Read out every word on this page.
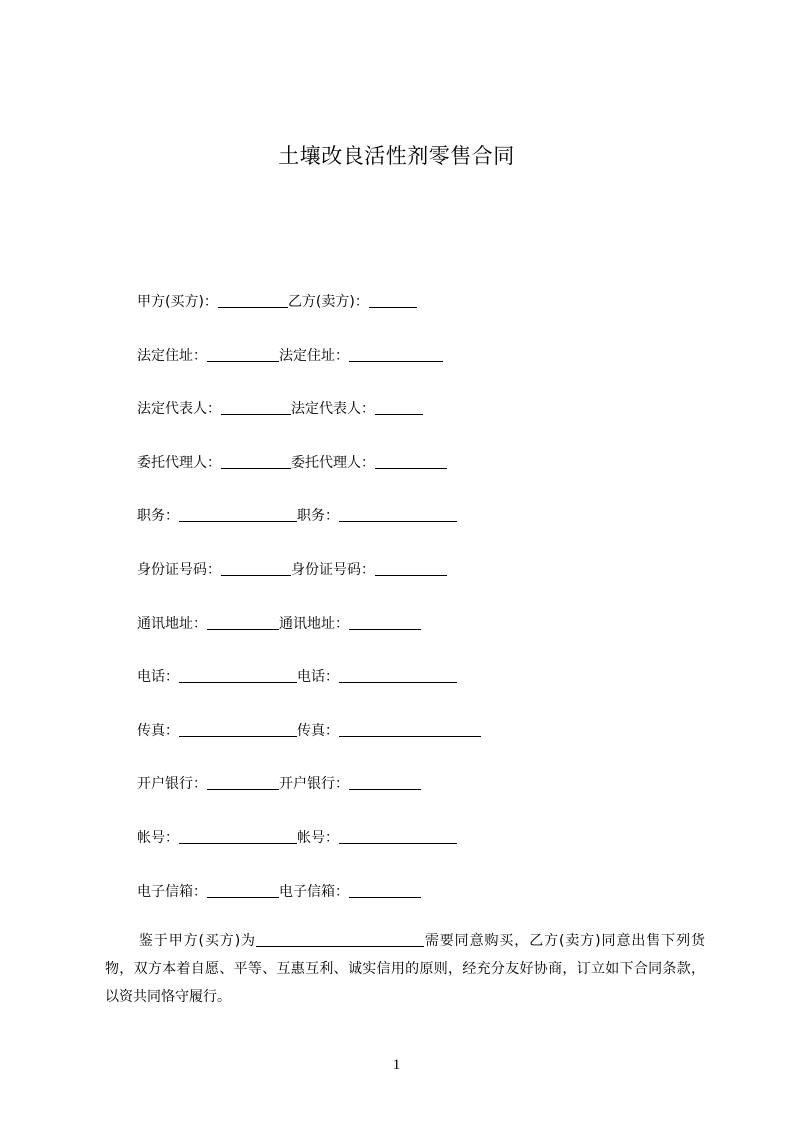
土壤改良活性剂零售合同
甲方(买方)：	乙方(卖方)：
法定住址：	法定住址：
法定代表人：	法定代表人：
委托代理人：	委托代理人：
职务：	职务：
身份证号码：	身份证号码：
通讯地址：	通讯地址：
电话：	电话：
传真：	传真：
开户银行：	开户银行：
帐号：	帐号：
电子信箱：	电子信箱：
鉴于甲方(买方)为	需要同意购买，乙方(卖方)同意出售下列货物，双方本着自愿、平等、互惠互利、诚实信用的原则，经充分友好协商，订立如下合同条款，以资共同恪守履行。
1
